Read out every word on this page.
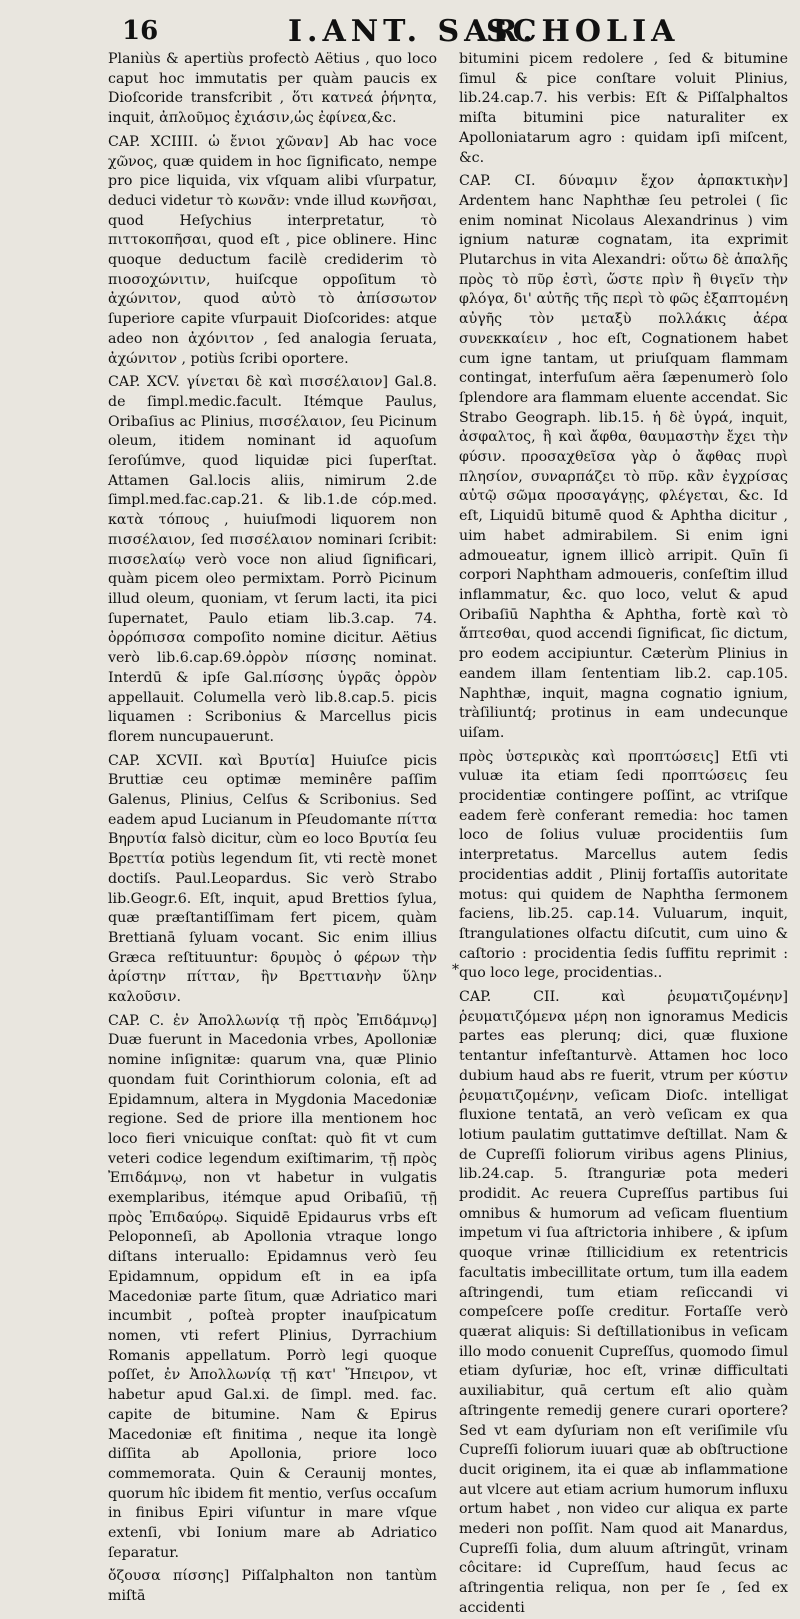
16	I.ANT. SAR.
SCHOLIA

Planiùs & apertiùs profectò Aëtius , quo loco caput hoc immutatis per quàm paucis ex Dioſcoride transfcribit , ὅτι κατνεά ῥήνητα, inquit, ἀπλοῦμος ἐχιάσιν,ὡς ἐφίνεα,&c.

CAP. XCIIII. ὡ ἔνιοι χῶναν] Ab hac voce χῶνος, quæ quidem in hoc ſignificato, nempe pro pice liquida, vix vſquam alibi vſurpatur, deduci videtur τὸ κωνᾶν: vnde illud κωνῆσαι, quod Heſychius interpretatur, τὸ πιττοκοπῆσαι, quod eſt , pice oblinere. Hinc quoque deductum facilè crediderim τὸ πιοσοχώνιτιν, huiſcque oppoſitum τὸ ἀχώνιτον, quod αὐτὸ τὸ ἀπίσσωτον ſuperiore capite vſurpauit Dioſcorides: atque adeo non ἀχόνιτον , ſed analogia ſeruata, ἀχώνιτον , potiùs ſcribi oportere.

CAP. XCV. γίνεται δὲ καὶ πισσέλαιον] Gal.8. de ſimpl.medic.facult. Itémque Paulus, Oribaſius ac Plinius, πισσέλαιον, ſeu Picinum oleum, itidem nominant id aquoſum ſeroſúmve, quod liquidæ pici ſuperſtat. Attamen Gal.locis aliis, nimirum 2.de ſimpl.med.fac.cap.21. & lib.1.de cóp.med. κατὰ τόπους , huiuſmodi liquorem non πισσέλαιον, ſed πισσέλαιον nominari ſcribit: πισσελαίῳ verò voce non aliud ſignificari, quàm picem oleo permixtam. Porrò Picinum illud oleum, quoniam, vt ſerum lacti, ita pici ſupernatet, Paulo etiam lib.3.cap. 74. ὀρρόπισσα compoſito nomine dicitur. Aëtius verò lib.6.cap.69.ὀρρὸν πίσσης nominat. Interdū & ipſe Gal.πίσσης ὑγρᾶς ὀρρὸν appellauit. Columella verò lib.8.cap.5. picis liquamen : Scribonius & Marcellus picis florem nuncupauerunt.

CAP. XCVII. καὶ Βρυτία] Huiuſce picis Bruttiæ ceu optimæ meminêre paſſim Galenus, Plinius, Celſus & Scribonius. Sed eadem apud Lucianum in Pſeudomante πίττα Βηρυτία falsò dicitur, cùm eo loco Βρυτία ſeu Βρεττία potiùs legendum ſit, vti rectè monet doctiſs. Paul.Leopardus. Sic verò Strabo lib.Geogr.6. Eſt, inquit, apud Brettios ſylua, quæ præſtantiſſimam fert picem, quàm Brettianā ſyluam vocant. Sic enim illius Græca reſtituuntur: δρυμὸς ὁ φέρων τὴν ἀρίστην πίτταν, ἣν Βρεττιανὴν ὕλην καλοῦσιν.

CAP. C. ἐν Ἀπολλωνίᾳ τῇ πρὸς Ἐπιδάμνῳ] Duæ fuerunt in Macedonia vrbes, Apolloniæ nomine inſignitæ: quarum vna, quæ Plinio quondam fuit Corinthiorum colonia, eſt ad Epidamnum, altera in Mygdonia Macedoniæ regione. Sed de priore illa mentionem hoc loco fieri vnicuique conſtat: quò fit vt cum veteri codice legendum exiſtimarim, τῇ πρὸς Ἐπιδάμνῳ, non vt habetur in vulgatis exemplaribus, itémque apud Oribaſiū, τῇ πρὸς Ἐπιδαύρῳ. Siquidē Epidaurus vrbs eſt Peloponneſi, ab Apollonia vtraque longo diſtans interuallo: Epidamnus verò ſeu Epidamnum, oppidum eſt in ea ipſa Macedoniæ parte ſitum, quæ Adriatico mari incumbit , poſteà propter inauſpicatum nomen, vti refert Plinius, Dyrrachium Romanis appellatum. Porrò legi quoque poſſet, ἐν Ἀπολλωνίᾳ τῇ κατ' Ἤπειρον, vt habetur apud Gal.xi. de ſimpl. med. fac. capite de bitumine. Nam & Epirus Macedoniæ eſt finitima , neque ita longè diſſita ab Apollonia, priore loco commemorata. Quin & Ceraunij montes, quorum hîc ibidem fit mentio, verſus occaſum in finibus Epiri viſuntur in mare vſque extenſi, vbi Ionium mare ab Adriatico ſeparatur.

ὄζουσα πίσσης] Piſſalphalton non tantùm miſtā

bitumini picem redolere , ſed & bitumine ſimul & pice conſtare voluit Plinius, lib.24.cap.7. his verbis: Eſt & Piſſalphaltos miſta bitumini pice naturaliter ex Apolloniatarum agro : quidam ipſi miſcent, &c.

CAP. CI. δύναμιν ἔχον ἀρπακτικὴν] Ardentem hanc Naphthæ ſeu petrolei ( ſic enim nominat Nicolaus Alexandrinus ) vim ignium naturæ cognatam, ita exprimit Plutarchus in vita Alexandri: οὕτω δὲ ἁπαλῆς πρὸς τὸ πῦρ ἐστὶ, ὥστε πρὶν ἢ θιγεῖν τὴν φλόγα, δι' αὐτῆς τῆς περὶ τὸ φῶς ἐξαπτομένη αὐγῆς τὸν μεταξὺ πολλάκις ἀέρα συνεκκαίειν , hoc eſt, Cognationem habet cum igne tantam, ut priuſquam flammam contingat, interfuſum aëra ſæpenumerò ſolo ſplendore ara flammam eluente accendat. Sic Strabo Geograph. lib.15. ἡ δὲ ὑγρά, inquit, ἀσφαλτος, ἣ καὶ ἄφθα, θαυμαστὴν ἔχει τὴν φύσιν. προσαχθεῖσα γὰρ ὁ ἄφθας πυρὶ πλησίον, συναρπάζει τὸ πῦρ. κἂν ἐγχρίσας αὐτῷ σῶμα προσαγάγῃς, φλέγεται, &c. Id eſt, Liquidū bitumē quod & Aphtha dicitur , uim habet admirabilem. Si enim igni admoueatur, ignem illicò arripit. Quīn ſi corpori Naphtham admoueris, conſeſtim illud inflammatur, &c. quo loco, velut & apud Oribaſiū Naphtha & Aphtha, fortè καὶ τὸ ἄπτεσθαι, quod accendi ſignificat, ſic dictum, pro eodem accipiuntur. Cæterùm Plinius in eandem illam ſententiam lib.2. cap.105. Naphthæ, inquit, magna cognatio ignium, tràſiliuntq́; protinus in eam undecunque uiſam.

πρὸς ὑστερικὰς καὶ προπτώσεις] Etſi vti vuluæ ita etiam ſedi προπτώσεις ſeu procidentiæ contingere poſſint, ac vtriſque eadem ferè conferant remedia: hoc tamen loco de ſolius vuluæ procidentiis ſum interpretatus. Marcellus autem ſedis procidentias addit , Plinij fortaſſis autoritate motus: qui quidem de Naphtha ſermonem faciens, lib.25. cap.14. Vuluarum, inquit, ſtrangulationes olfactu diſcutit, cum uino & caſtorio : procidentia ſedis ſuffitu reprimit : quo loco lege, procidentias..

CAP. CII. καὶ ῥευματιζομένην] ῥευματιζόμενα μέρη non ignoramus Medicis partes eas plerunq; dici, quæ fluxione tentantur infeſtanturvè. Attamen hoc loco dubium haud abs re fuerit, vtrum per κύστιν ῥευματιζομένην, veſicam Dioſc. intelligat fluxione tentatā, an verò veſicam ex qua lotium paulatim guttatimve deſtillat. Nam & de Cupreſſi foliorum viribus agens Plinius, lib.24.cap. 5. ſtranguriæ pota mederi prodidit. Ac reuera Cupreſſus partibus ſui omnibus & humorum ad veſicam fluentium impetum vi ſua aſtrictoria inhibere , & ipſum quoque vrinæ ſtillicidium ex retentricis facultatis imbecillitate ortum, tum illa eadem aſtringendi, tum etiam reſiccandi vi compeſcere poſſe creditur. Fortaſſe verò quærat aliquis: Si deſtillationibus in veſicam illo modo conuenit Cupreſſus, quomodo ſimul etiam dyſuriæ, hoc eſt, vrinæ difficultati auxiliabitur, quā certum eſt alio quàm aſtringente remedij genere curari oportere? Sed vt eam dyſuriam non eſt veriſimile vſu Cupreſſi foliorum iuuari quæ ab obſtructione ducit originem, ita ei quæ ab inflammatione aut vlcere aut etiam acrium humorum influxu ortum habet , non video cur aliqua ex parte mederi non poſſit. Nam quod ait Manardus, Cupreſſi folia, dum aluum aſtringūt, vrinam côcitare: id Cupreſſum, haud ſecus ac aſtringentia reliqua, non per ſe , ſed ex accidenti

*
